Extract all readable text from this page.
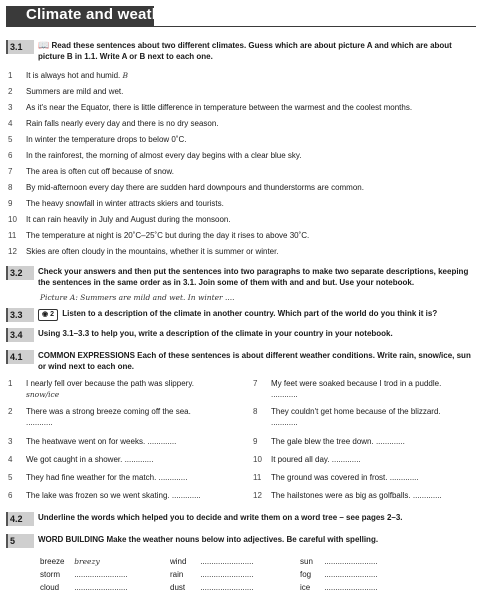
Climate and weather
3.1	📖 Read these sentences about two different climates. Guess which are about picture A and which are about picture B in 1.1. Write A or B next to each one.
1 It is always hot and humid. B
2 Summers are mild and wet.
3 As it's near the Equator, there is little difference in temperature between the warmest and the coolest months.
4 Rain falls nearly every day and there is no dry season.
5 In winter the temperature drops to below 0˚C.
6 In the rainforest, the morning of almost every day begins with a clear blue sky.
7 The area is often cut off because of snow.
8 By mid-afternoon every day there are sudden hard downpours and thunderstorms are common.
9 The heavy snowfall in winter attracts skiers and tourists.
10 It can rain heavily in July and August during the monsoon.
11 The temperature at night is 20˚C–25˚C but during the day it rises to above 30˚C.
12 Skies are often cloudy in the mountains, whether it is summer or winter.
3.2	Check your answers and then put the sentences into two paragraphs to make two separate descriptions, keeping the sentences in the same order as in 3.1. Join some of them with and and but. Use your notebook.
Picture A: Summers are mild and wet. In winter ....
3.3	◉ 2 Listen to a description of the climate in another country. Which part of the world do you think it is?
3.4	Using 3.1–3.3 to help you, write a description of the climate in your country in your notebook.
4.1	COMMON EXPRESSIONS Each of these sentences is about different weather conditions. Write rain, snow/ice, sun or wind next to each one.
1 I nearly fell over because the path was slippery.
snow/ice
2 There was a strong breeze coming off the sea.
............
3 The heatwave went on for weeks. .............
4 We got caught in a shower. .............
5 They had fine weather for the match. .............
6 The lake was frozen so we went skating. .............
7 My feet were soaked because I trod in a puddle.
............
8 They couldn't get home because of the blizzard.
............
9 The gale blew the tree down. .............
10 It poured all day. .............
11 The ground was covered in frost. .............
12 The hailstones were as big as golfballs. .............
4.2	Underline the words which helped you to decide and write them on a word tree – see pages 2–3.
5	WORD BUILDING Make the weather nouns below into adjectives. Be careful with spelling.
breeze breezy	wind ........................	sun ........................
storm ........................	rain ........................	fog ........................
cloud ........................	dust ........................	ice ........................
